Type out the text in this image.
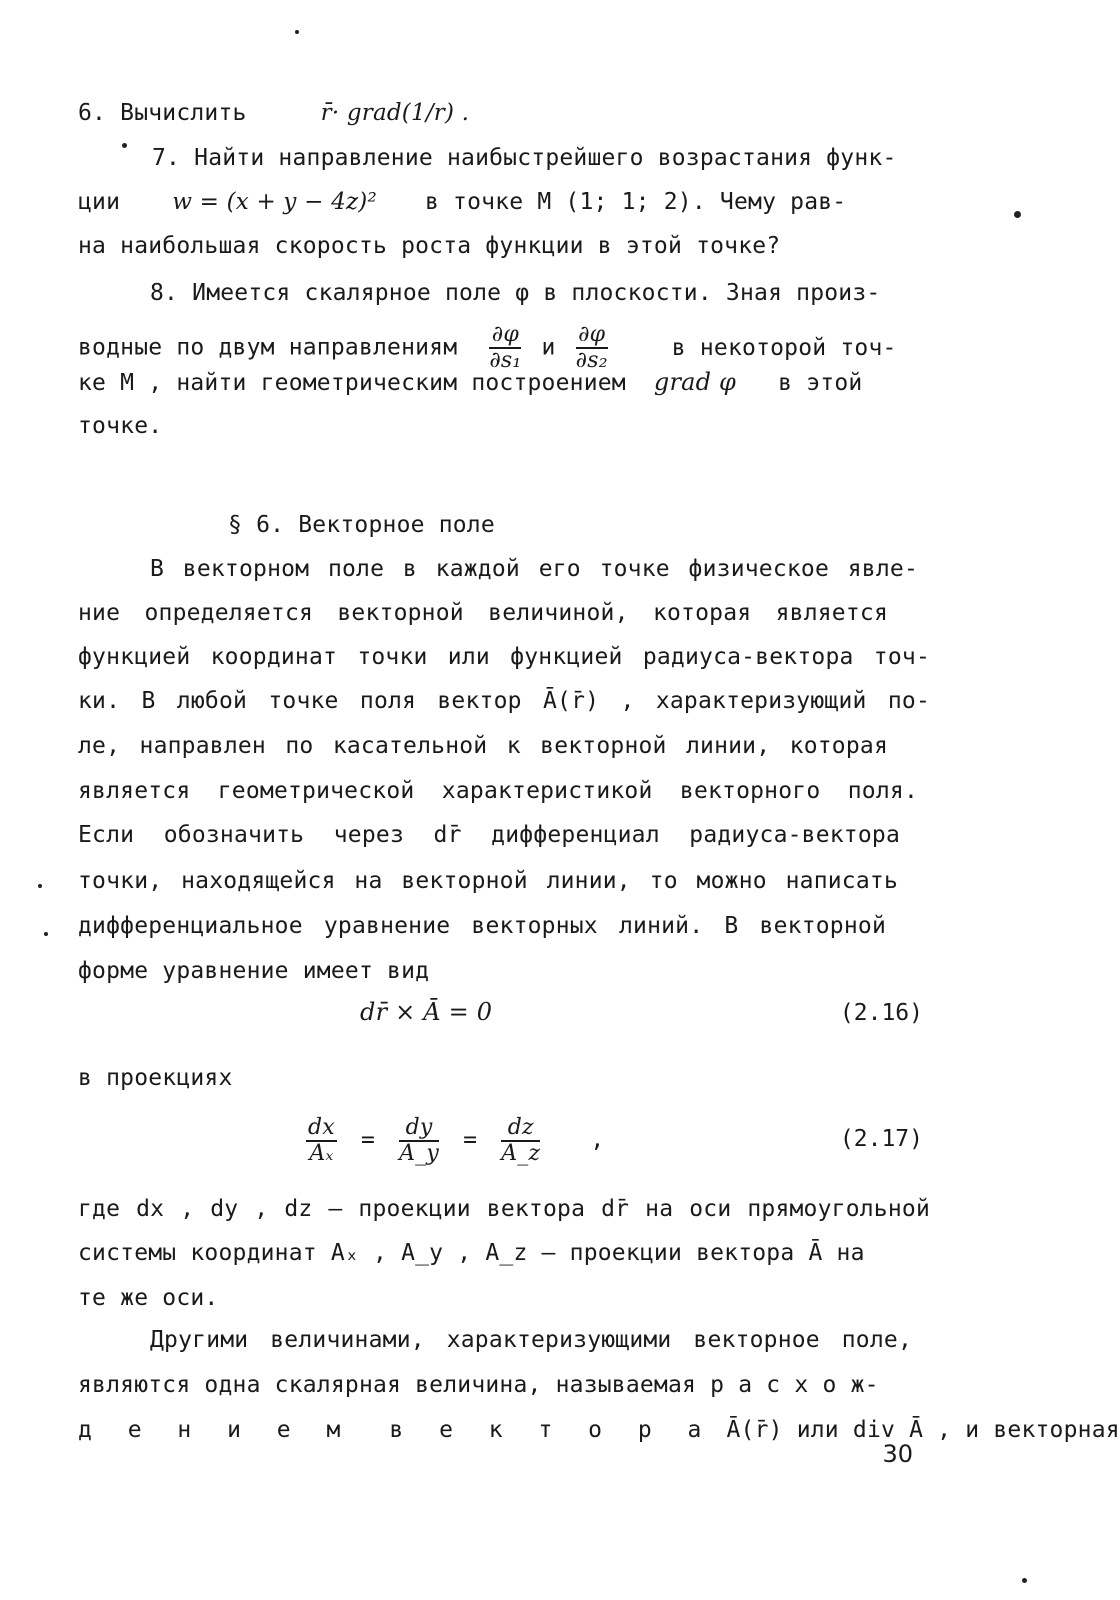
6. Вычислить	r̄· grad(1/r) .
7. Найти направление наибыстрейшего возрастания функ-
ции w = (x + y − 4z)² в точке M (1; 1; 2). Чему рав-
на наибольшая скорость роста функции в этой точке?
8. Имеется скалярное поле φ в плоскости. Зная произ-
водные по двум направлениям $\frac{\partial\varphi}{\text{∂s₁}}$ и $\frac{\partial\varphi}{\text{∂s₂}}$	в некоторой точ-
ке M , найти геометрическим построением grad φ в этой
точке.
§ 6. Векторное поле
В векторном поле в каждой его точке физическое явле-
ние определяется векторной величиной, которая является
функцией координат точки или функцией радиуса-вектора точ-
ки. В любой точке поля вектор Ā(r̄) , характеризующий по-
ле, направлен по касательной к векторной линии, которая
является геометрической характеристикой векторного поля.
Если обозначить через dr̄ дифференциал радиуса-вектора
точки, находящейся на векторной линии, то можно написать
дифференциальное уравнение векторных линий. В векторной
форме уравнение имеет вид
dr̄ × Ā = 0	(2.16)
в проекциях
$\frac{dx}{\text{Aₓ}} = \frac{dy}{A\_y} = \frac{dz}{A\_z}$ ,	(2.17)
где dx , dy , dz – проекции вектора dr̄ на оси прямоугольной
системы координат Aₓ , A_y , A_z – проекции вектора Ā на
те же оси.
Другими величинами, характеризующими векторное поле,
являются одна скалярная величина, называемая р а с х о ж-
д е н и е м в е к т о р а Ā(r̄) или div Ā , и векторная
30
